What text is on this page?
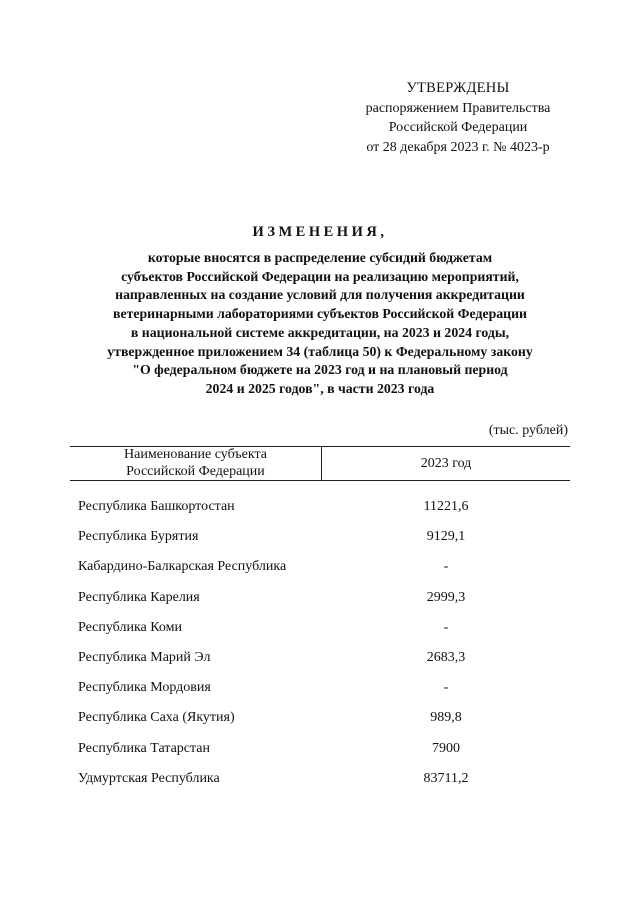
УТВЕРЖДЕНЫ
распоряжением Правительства
Российской Федерации
от 28 декабря 2023 г. № 4023-р
ИЗМЕНЕНИЯ,
которые вносятся в распределение субсидий бюджетам
субъектов Российской Федерации на реализацию мероприятий,
направленных на создание условий для получения аккредитации
ветеринарными лабораториями субъектов Российской Федерации
в национальной системе аккредитации, на 2023 и 2024 годы,
утвержденное приложением 34 (таблица 50) к Федеральному закону
"О федеральном бюджете на 2023 год и на плановый период
2024 и 2025 годов", в части 2023 года
(тыс. рублей)
Наименование субъекта
Российской Федерации
2023 год
Республика Башкортостан	11221,6
Республика Бурятия	9129,1
Кабардино-Балкарская Республика	-
Республика Карелия	2999,3
Республика Коми	-
Республика Марий Эл	2683,3
Республика Мордовия	-
Республика Саха (Якутия)	989,8
Республика Татарстан	7900
Удмуртская Республика	83711,2
